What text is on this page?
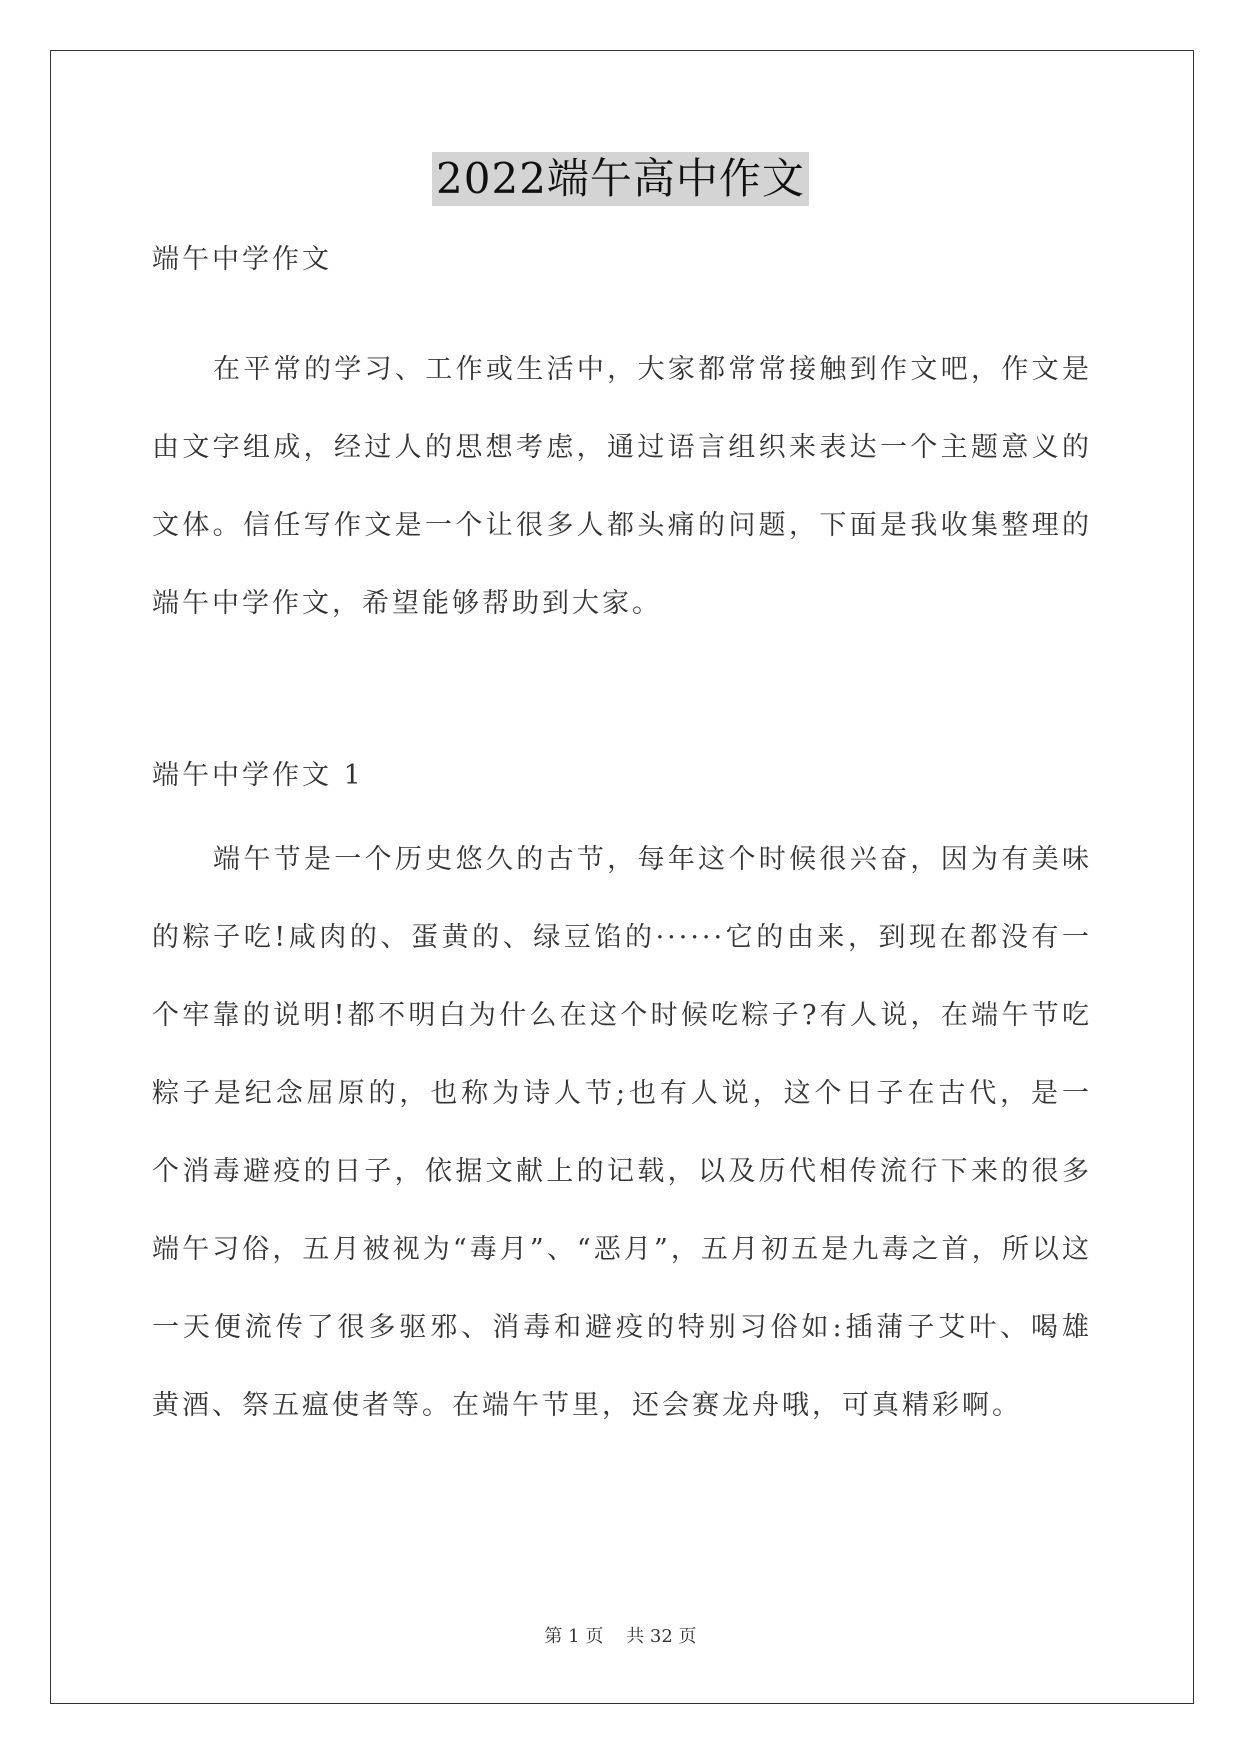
2022端午高中作文
端午中学作文

在平常的学习、工作或生活中，大家都常常接触到作文吧，作文是由文字组成，经过人的思想考虑，通过语言组织来表达一个主题意义的文体。信任写作文是一个让很多人都头痛的问题，下面是我收集整理的端午中学作文，希望能够帮助到大家。

端午中学作文 1

端午节是一个历史悠久的古节，每年这个时候很兴奋，因为有美味的粽子吃!咸肉的、蛋黄的、绿豆馅的······它的由来，到现在都没有一个牢靠的说明!都不明白为什么在这个时候吃粽子?有人说，在端午节吃粽子是纪念屈原的，也称为诗人节;也有人说，这个日子在古代，是一个消毒避疫的日子，依据文献上的记载，以及历代相传流行下来的很多端午习俗，五月被视为“毒月”、“恶月”，五月初五是九毒之首，所以这一天便流传了很多驱邪、消毒和避疫的特别习俗如:插蒲子艾叶、喝雄黄酒、祭五瘟使者等。在端午节里，还会赛龙舟哦，可真精彩啊。

第 1 页    共 32 页
